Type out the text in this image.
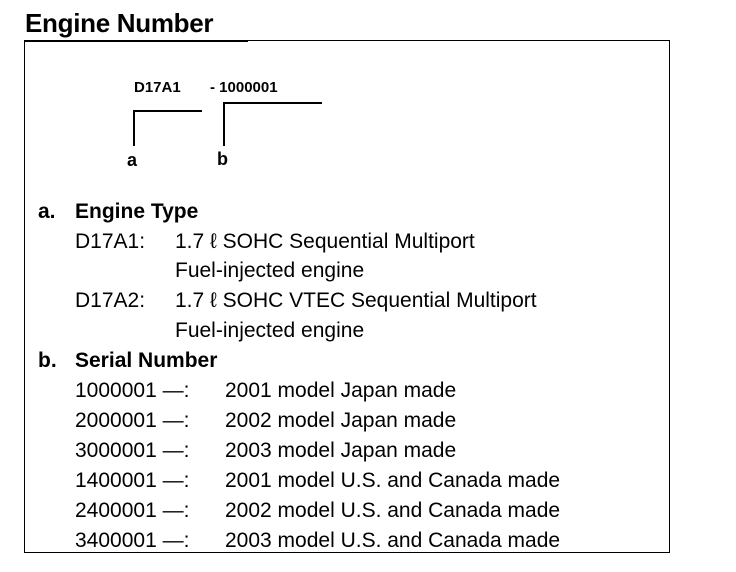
Engine Number
D17A1 - 1000001
a	b
a. Engine Type
D17A1: 1.7 ℓ SOHC Sequential Multiport
Fuel-injected engine
D17A2: 1.7 ℓ SOHC VTEC Sequential Multiport
Fuel-injected engine
b. Serial Number
1000001 —: 2001 model Japan made
2000001 —: 2002 model Japan made
3000001 —: 2003 model Japan made
1400001 —: 2001 model U.S. and Canada made
2400001 —: 2002 model U.S. and Canada made
3400001 —: 2003 model U.S. and Canada made
